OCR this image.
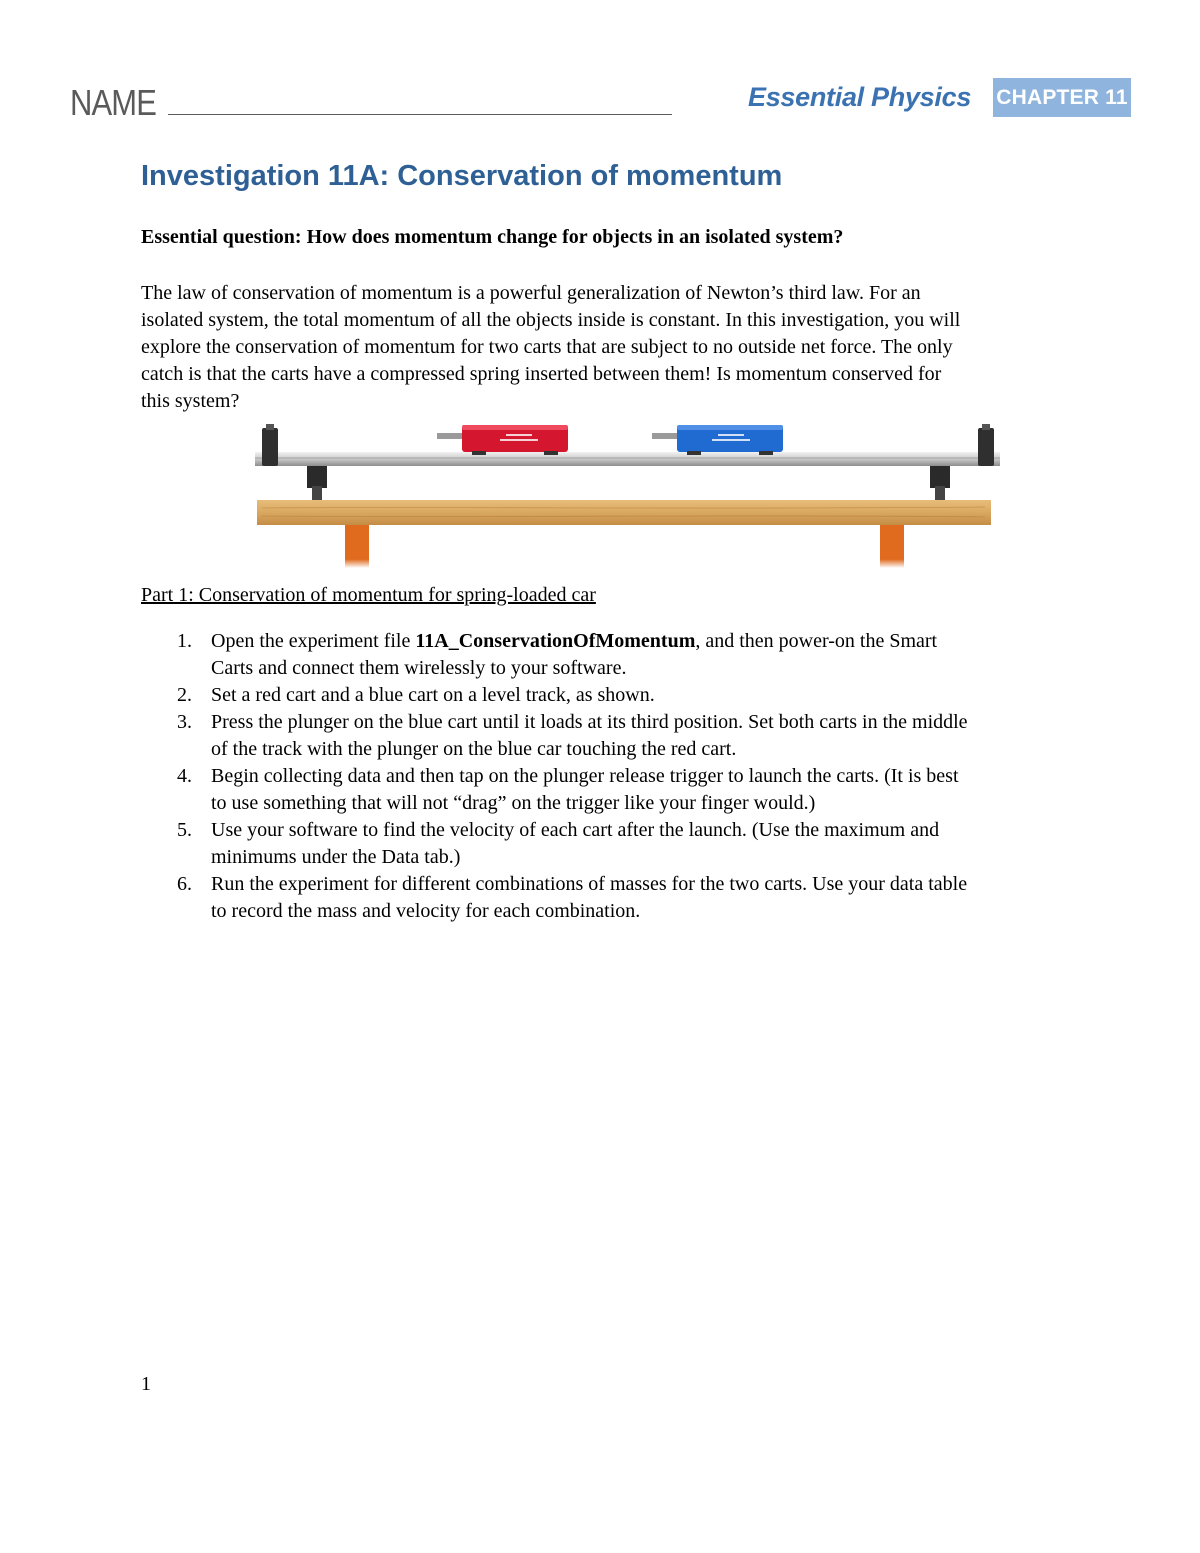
NAME	Essential Physics CHAPTER 11
Investigation 11A: Conservation of momentum
Essential question: How does momentum change for objects in an isolated system?
The law of conservation of momentum is a powerful generalization of Newton’s third law. For an
isolated system, the total momentum of all the objects inside is constant. In this investigation, you will
explore the conservation of momentum for two carts that are subject to no outside net force. The only
catch is that the carts have a compressed spring inserted between them! Is momentum conserved for
this system?
Part 1: Conservation of momentum for spring-loaded car
1. Open the experiment file 11A_ConservationOfMomentum, and then power-on the Smart
Carts and connect them wirelessly to your software.
2. Set a red cart and a blue cart on a level track, as shown.
3. Press the plunger on the blue cart until it loads at its third position. Set both carts in the middle
of the track with the plunger on the blue car touching the red cart.
4. Begin collecting data and then tap on the plunger release trigger to launch the carts. (It is best
to use something that will not “drag” on the trigger like your finger would.)
5. Use your software to find the velocity of each cart after the launch. (Use the maximum and
minimums under the Data tab.)
6. Run the experiment for different combinations of masses for the two carts. Use your data table
to record the mass and velocity for each combination.
1
